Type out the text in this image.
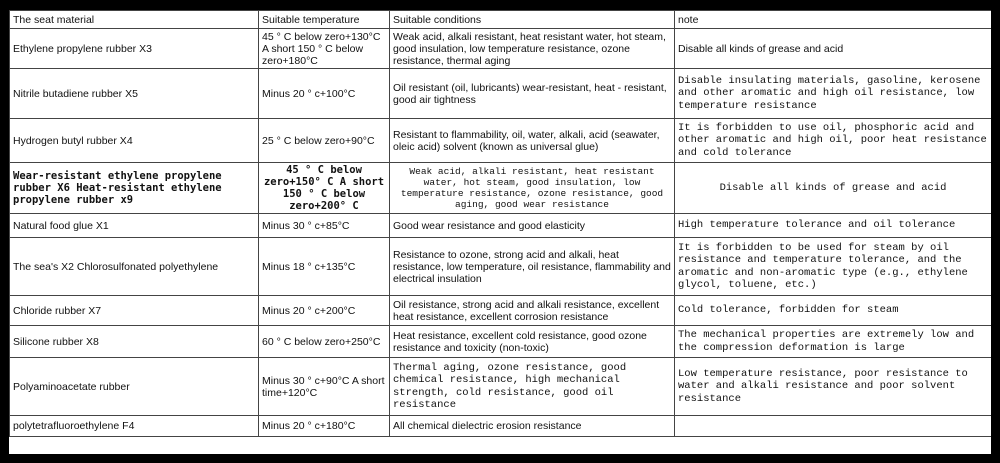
The seat material	Suitable temperature	Suitable conditions	note
Ethylene propylene rubber X3	45 ° C below zero+130°C A short 150 ° C below zero+180°C	Weak acid, alkali resistant, heat resistant water, hot steam, good insulation, low temperature resistance, ozone resistance, thermal aging	Disable all kinds of grease and acid
Nitrile butadiene rubber X5	Minus 20 ° c+100°C	Oil resistant (oil, lubricants) wear-resistant, heat - resistant, good air tightness	Disable insulating materials, gasoline, kerosene and other aromatic and high oil resistance, low temperature resistance
Hydrogen butyl rubber X4	25 ° C below zero+90°C	Resistant to flammability, oil, water, alkali, acid (seawater, oleic acid) solvent (known as universal glue)	It is forbidden to use oil, phosphoric acid and other aromatic and high oil, poor heat resistance and cold tolerance
Wear-resistant ethylene propylene rubber X6 Heat-resistant ethylene propylene rubber x9	45 ° C below zero+150° C A short 150 ° C below zero+200° C	Weak acid, alkali resistant, heat resistant water, hot steam, good insulation, low temperature resistance, ozone resistance, good aging, good wear resistance	Disable all kinds of grease and acid
Natural food glue X1	Minus 30 ° c+85°C	Good wear resistance and good elasticity	High temperature tolerance and oil tolerance
The sea's X2 Chlorosulfonated polyethylene	Minus 18 ° c+135°C	Resistance to ozone, strong acid and alkali, heat resistance, low temperature, oil resistance, flammability and electrical insulation	It is forbidden to be used for steam by oil resistance and temperature tolerance, and the aromatic and non-aromatic type (e.g., ethylene glycol, toluene, etc.)
Chloride rubber X7	Minus 20 ° c+200°C	Oil resistance, strong acid and alkali resistance, excellent heat resistance, excellent corrosion resistance	Cold tolerance, forbidden for steam
Silicone rubber X8	60 ° C below zero+250°C	Heat resistance, excellent cold resistance, good ozone resistance and toxicity (non-toxic)	The mechanical properties are extremely low and the compression deformation is large
Polyaminoacetate rubber	Minus 30 ° c+90°C A short time+120°C	Thermal aging, ozone resistance, good chemical resistance, high mechanical strength, cold resistance, good oil resistance	Low temperature resistance, poor resistance to water and alkali resistance and poor solvent resistance
polytetrafluoroethylene F4	Minus 20 ° c+180°C	All chemical dielectric erosion resistance	
